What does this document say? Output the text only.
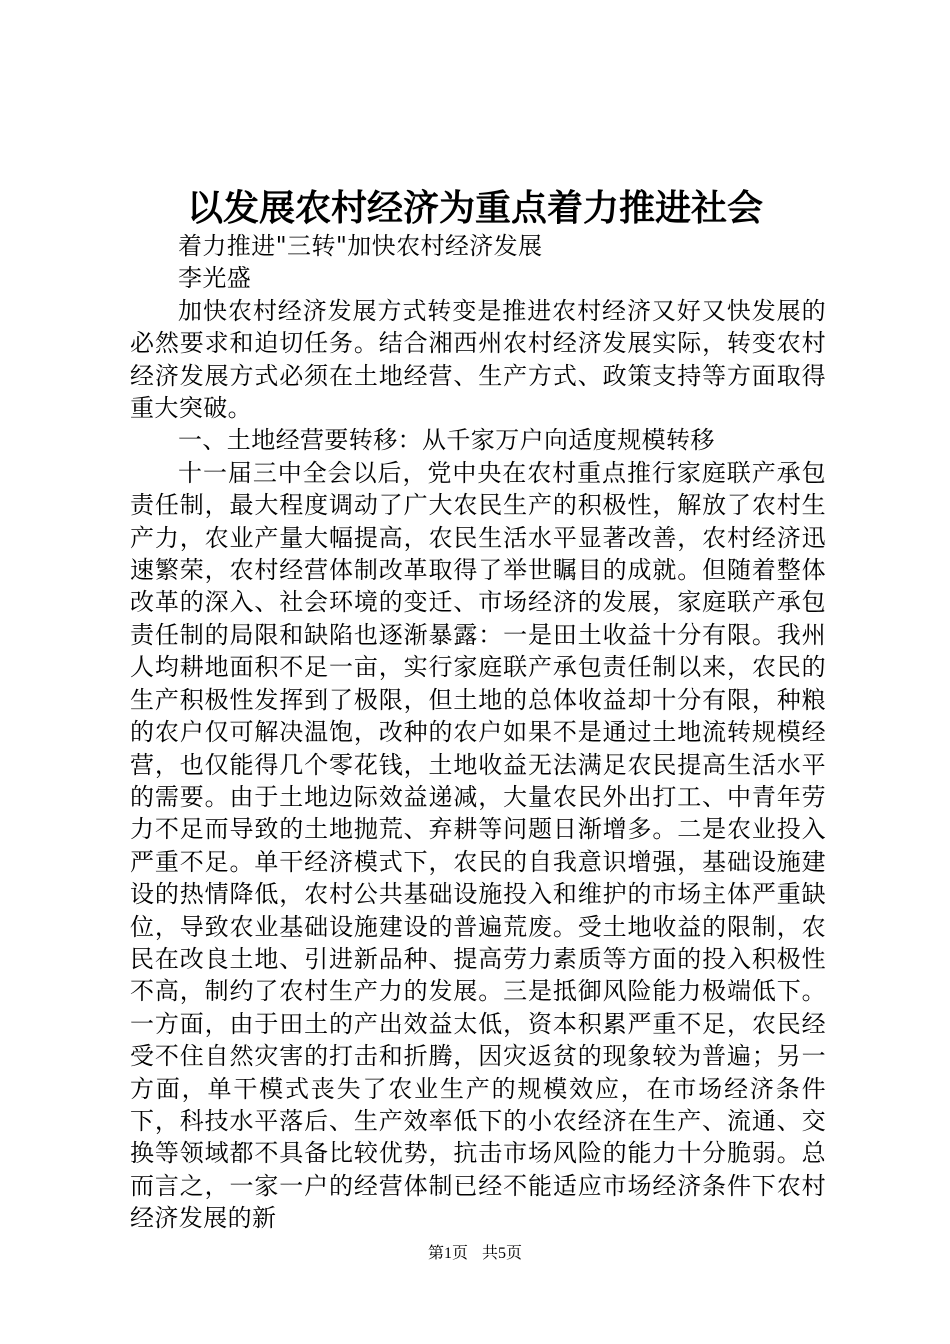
以发展农村经济为重点着力推进社会

着力推进"三转"加快农村经济发展

李光盛

加快农村经济发展方式转变是推进农村经济又好又快发展的必然要求和迫切任务。结合湘西州农村经济发展实际，转变农村经济发展方式必须在土地经营、生产方式、政策支持等方面取得重大突破。

一、土地经营要转移：从千家万户向适度规模转移

十一届三中全会以后，党中央在农村重点推行家庭联产承包责任制，最大程度调动了广大农民生产的积极性，解放了农村生产力，农业产量大幅提高，农民生活水平显著改善，农村经济迅速繁荣，农村经营体制改革取得了举世瞩目的成就。但随着整体改革的深入、社会环境的变迁、市场经济的发展，家庭联产承包责任制的局限和缺陷也逐渐暴露：一是田土收益十分有限。我州人均耕地面积不足一亩，实行家庭联产承包责任制以来，农民的生产积极性发挥到了极限，但土地的总体收益却十分有限，种粮的农户仅可解决温饱，改种的农户如果不是通过土地流转规模经营，也仅能得几个零花钱，土地收益无法满足农民提高生活水平的需要。由于土地边际效益递减，大量农民外出打工、中青年劳力不足而导致的土地抛荒、弃耕等问题日渐增多。二是农业投入严重不足。单干经济模式下，农民的自我意识增强，基础设施建设的热情降低，农村公共基础设施投入和维护的市场主体严重缺位，导致农业基础设施建设的普遍荒废。受土地收益的限制，农民在改良土地、引进新品种、提高劳力素质等方面的投入积极性不高，制约了农村生产力的发展。三是抵御风险能力极端低下。一方面，由于田土的产出效益太低，资本积累严重不足，农民经受不住自然灾害的打击和折腾，因灾返贫的现象较为普遍；另一方面，单干模式丧失了农业生产的规模效应，在市场经济条件下，科技水平落后、生产效率低下的小农经济在生产、流通、交换等领域都不具备比较优势，抗击市场风险的能力十分脆弱。总而言之，一家一户的经营体制已经不能适应市场经济条件下农村经济发展的新

第1页 共5页
